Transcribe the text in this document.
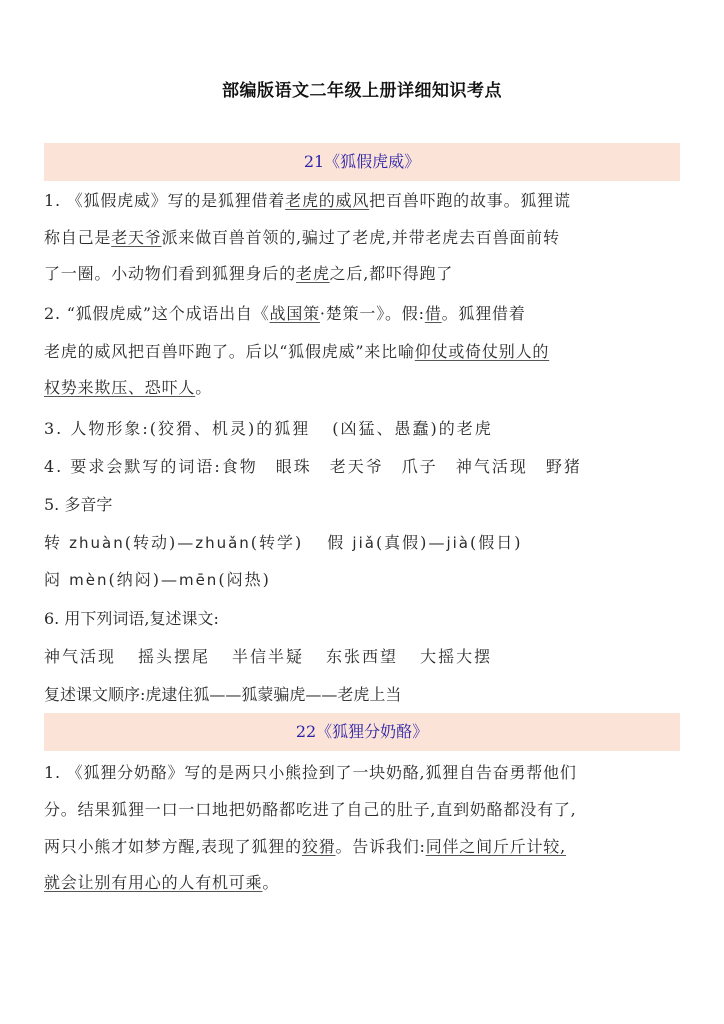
部编版语文二年级上册详细知识考点
21《狐假虎威》
1. 《狐假虎威》写的是狐狸借着老虎的威风把百兽吓跑的故事。狐狸谎
称自己是老天爷派来做百兽首领的,骗过了老虎,并带老虎去百兽面前转
了一圈。小动物们看到狐狸身后的老虎之后,都吓得跑了
2. “狐假虎威”这个成语出自《战国策·楚策一》。假:借。狐狸借着
老虎的威风把百兽吓跑了。后以“狐假虎威”来比喻仰仗或倚仗别人的
权势来欺压、恐吓人。
3. 人物形象:(狡猾、机灵)的狐狸 (凶猛、愚蠢)的老虎
4. 要求会默写的词语:食物 眼珠 老天爷 爪子 神气活现 野猪
5. 多音字
转 zhuàn(转动)—zhuǎn(转学) 假 jiǎ(真假)—jià(假日)
闷 mèn(纳闷)—mēn(闷热)
6. 用下列词语,复述课文:
神气活现 摇头摆尾 半信半疑 东张西望 大摇大摆
复述课文顺序:虎逮住狐——狐蒙骗虎——老虎上当
22《狐狸分奶酪》
1. 《狐狸分奶酪》写的是两只小熊捡到了一块奶酪,狐狸自告奋勇帮他们
分。结果狐狸一口一口地把奶酪都吃进了自己的肚子,直到奶酪都没有了,
两只小熊才如梦方醒,表现了狐狸的狡猾。告诉我们:同伴之间斤斤计较,
就会让别有用心的人有机可乘。
